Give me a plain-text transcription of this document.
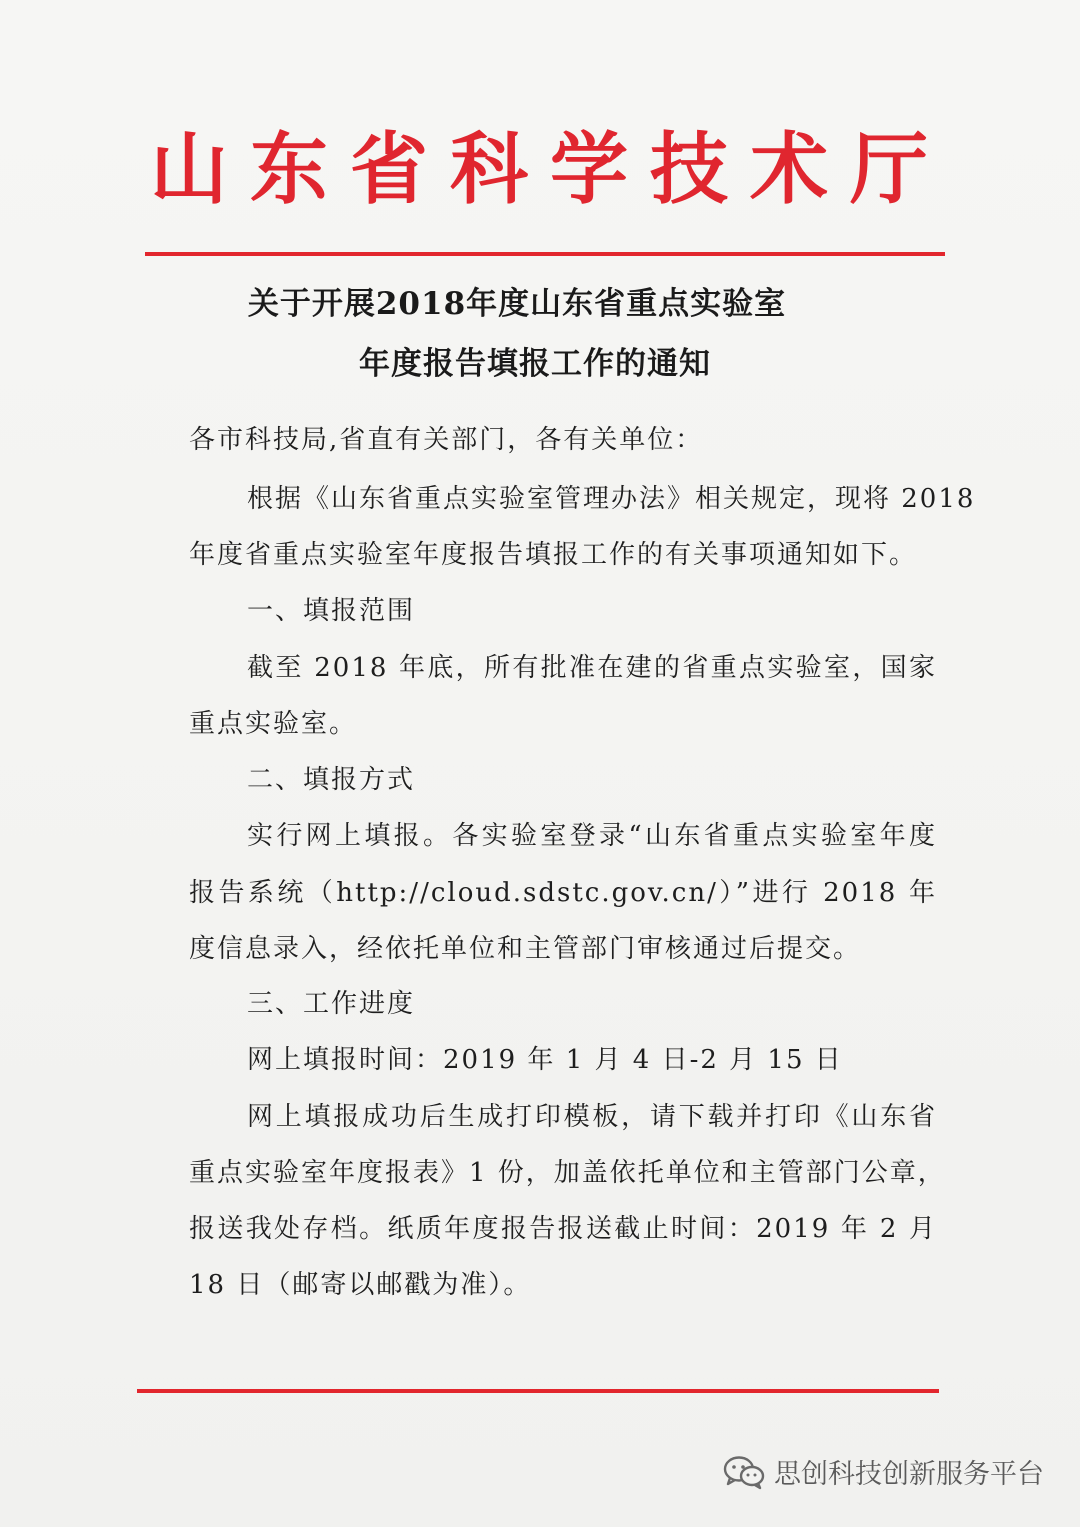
山东省科学技术厅
关于开展2018年度山东省重点实验室
年度报告填报工作的通知
各市科技局,省直有关部门，各有关单位：
根据《山东省重点实验室管理办法》相关规定，现将 2018
年度省重点实验室年度报告填报工作的有关事项通知如下。
一、填报范围
截至 2018 年底，所有批准在建的省重点实验室，国家
重点实验室。
二、填报方式
实行网上填报。各实验室登录“山东省重点实验室年度
报告系统（http://cloud.sdstc.gov.cn/）”进行 2018 年
度信息录入，经依托单位和主管部门审核通过后提交。
三、工作进度
网上填报时间：2019 年 1 月 4 日-2 月 15 日
网上填报成功后生成打印模板，请下载并打印《山东省
重点实验室年度报表》1 份，加盖依托单位和主管部门公章，
报送我处存档。纸质年度报告报送截止时间：2019 年 2 月
18 日（邮寄以邮戳为准）。
思创科技创新服务平台
